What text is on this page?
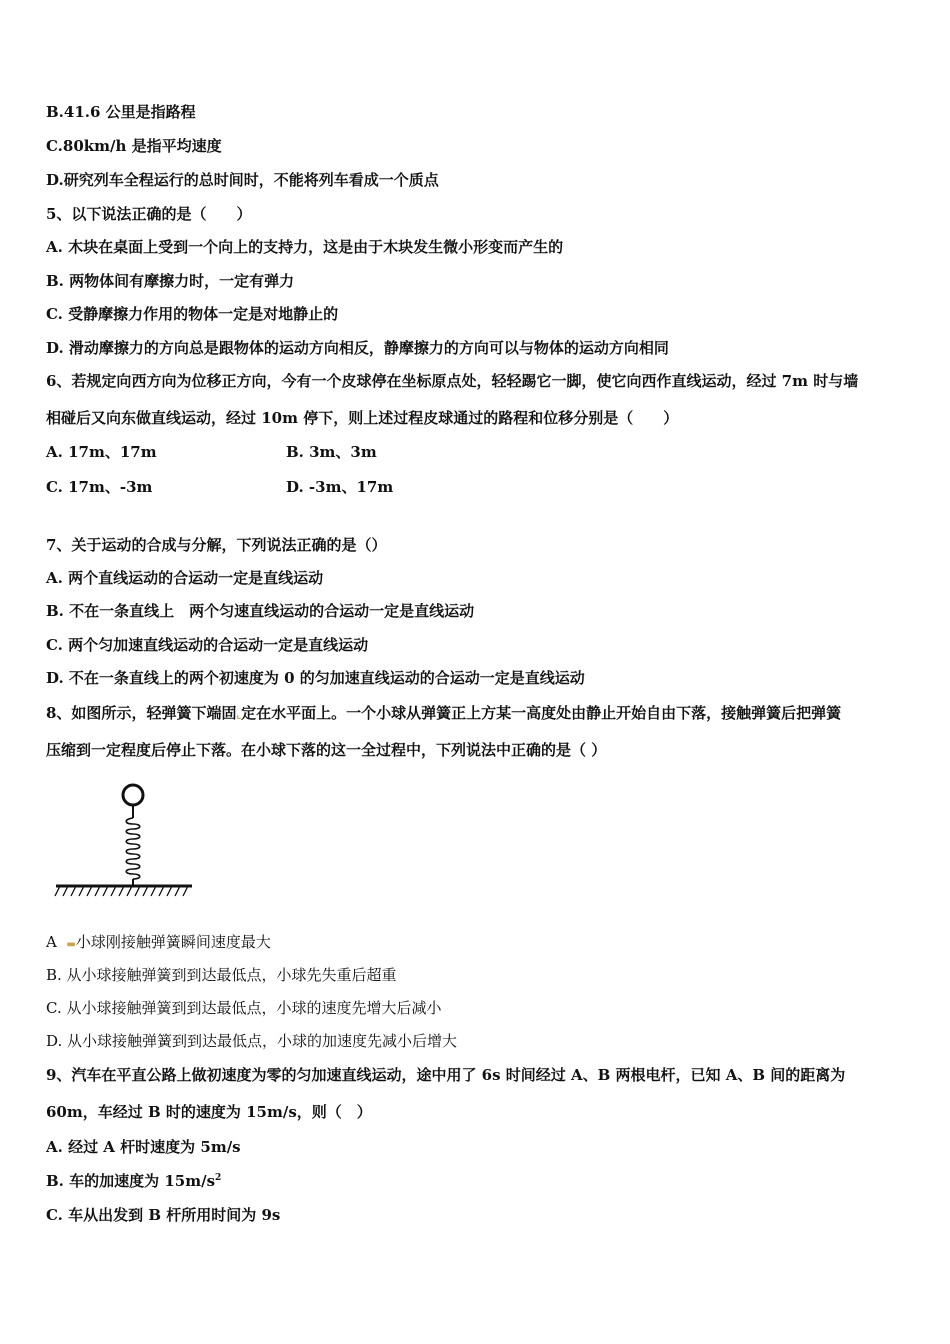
B.41.6 公里是指路程
C.80km/h 是指平均速度
D.研究列车全程运行的总时间时，不能将列车看成一个质点
5、以下说法正确的是（　　）
A. 木块在桌面上受到一个向上的支持力，这是由于木块发生微小形变而产生的
B. 两物体间有摩擦力时，一定有弹力
C. 受静摩擦力作用的物体一定是对地静止的
D. 滑动摩擦力的方向总是跟物体的运动方向相反，静摩擦力的方向可以与物体的运动方向相同
6、若规定向西方向为位移正方向，今有一个皮球停在坐标原点处，轻轻踢它一脚，使它向西作直线运动，经过 7m 时与墙
相碰后又向东做直线运动，经过 10m 停下，则上述过程皮球通过的路程和位移分别是（　　）
A. 17m、17m	B. 3m、3m
C. 17m、-3m	D. -3m、17m
7、关于运动的合成与分解，下列说法正确的是（）
A. 两个直线运动的合运动一定是直线运动
B. 不在一条直线上　两个匀速直线运动的合运动一定是直线运动
C. 两个匀加速直线运动的合运动一定是直线运动
D. 不在一条直线上的两个初速度为 0 的匀加速直线运动的合运动一定是直线运动
8、如图所示，轻弹簧下端固⌞定在水平面上。一个小球从弹簧正上方某一高度处由静止开始自由下落，接触弹簧后把弹簧
压缩到一定程度后停止下落。在小球下落的这一全过程中，下列说法中正确的是（ ）
A ▬小球刚接触弹簧瞬间速度最大
B. 从小球接触弹簧到到达最低点，小球先失重后超重
C. 从小球接触弹簧到到达最低点，小球的速度先增大后减小
D. 从小球接触弹簧到到达最低点，小球的加速度先减小后增大
9、汽车在平直公路上做初速度为零的匀加速直线运动，途中用了 6s 时间经过 A、B 两根电杆，已知 A、B 间的距离为
60m，车经过 B 时的速度为 15m/s，则（　）
A. 经过 A 杆时速度为 5m/s
B. 车的加速度为 $15m/s^2$
C. 车从出发到 B 杆所用时间为 9s
